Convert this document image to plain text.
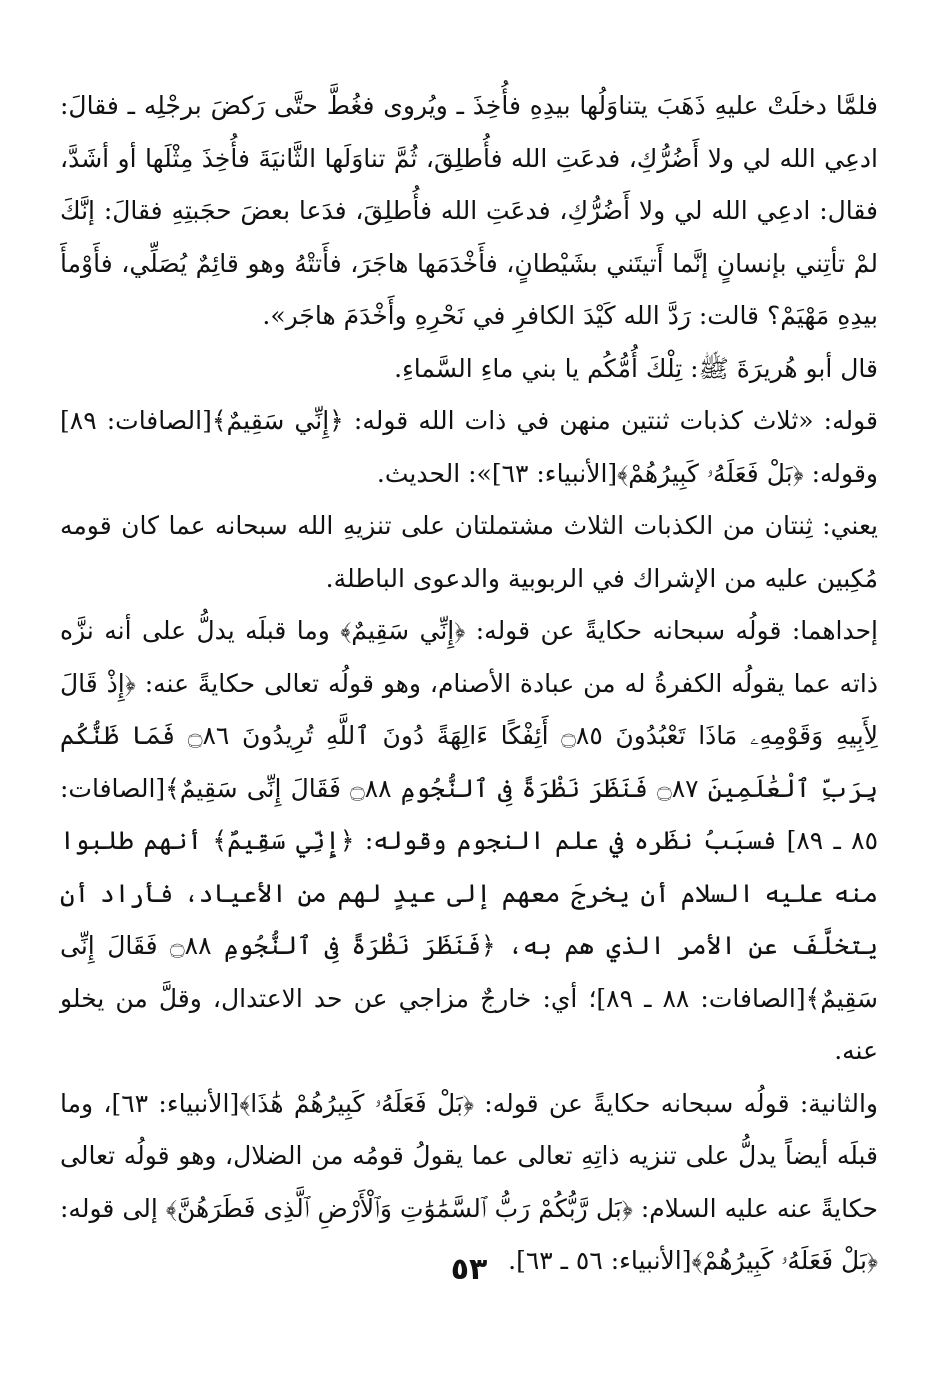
فلمَّا دخلَتْ عليهِ ذَهَبَ يتناوَلُها بيدِهِ فأُخِذَ ـ ويُروى فغُطَّ حتَّى رَكضَ برجْلِه ـ فقالَ: ادعِي الله لي ولا أَضُرُّكِ، فدعَتِ الله فأُطلِقَ، ثُمَّ تناوَلَها الثَّانيَةَ فأُخِذَ مِثْلَها أو أشَدَّ، فقال: ادعِي الله لي ولا أَضُرُّكِ، فدعَتِ الله فأُطلِقَ، فدَعا بعضَ حجَبتِهِ فقالَ: إنَّكَ لمْ تأتِني بإنسانٍ إنَّما أَتيتَني بشَيْطانٍ، فأَخْدَمَها هاجَرَ، فأَتتْهُ وهو قائِمٌ يُصَلِّي، فأَوْمأَ بيدِهِ مَهْيَمْ؟ قالت: رَدَّ الله كَيْدَ الكافرِ في نَحْرِهِ وأَخْدَمَ هاجَر».

قال أبو هُريرَةَ ﷺ: تِلْكَ أُمُّكُم يا بني ماءِ السَّماءِ.

قوله: «ثلاث كذبات ثنتين منهن في ذات الله قوله: ﴿إِنِّي سَقِيمٌ﴾[الصافات: ٨٩] وقوله: ﴿بَلْ فَعَلَهُۥ كَبِيرُهُمْ﴾[الأنبياء: ٦٣]»: الحديث.

يعني: ثِنتان من الكذبات الثلاث مشتملتان على تنزيهِ الله سبحانه عما كان قومه مُكِبين عليه من الإشراك في الربوبية والدعوى الباطلة.

إحداهما: قولُه سبحانه حكايةً عن قوله: ﴿إِنِّي سَقِيمٌ﴾ وما قبلَه يدلُّ على أنه نزَّه ذاته عما يقولُه الكفرةُ له من عبادة الأصنام، وهو قولُه تعالى حكايةً عنه: ﴿إِذْ قَالَ لِأَبِيهِ وَقَوْمِهِۦ مَاذَا تَعْبُدُونَ ۝٨٥ أَئِفْكًا ءَالِهَةً دُونَ ٱللَّهِ تُرِيدُونَ ۝٨٦ فَمَا ظَنُّكُم بِرَبِّ ٱلْعَٰلَمِينَ ۝٨٧ فَنَظَرَ نَظْرَةً فِى ٱلنُّجُومِ ۝٨٨ فَقَالَ إِنِّى سَقِيمٌ﴾[الصافات: ٨٥ ـ ٨٩] فسبَبُ نظَره في علم النجوم وقوله: ﴿إِنِّي سَقِيمٌ﴾ أنهم طلبوا منه عليه السلام أن يخرجَ معهم إلى عيدٍ لهم من الأعياد، فأراد أن يتخلَّفَ عن الأمر الذي هم به، ﴿فَنَظَرَ نَظْرَةً فِى ٱلنُّجُومِ ۝٨٨ فَقَالَ إِنِّى سَقِيمٌ﴾[الصافات: ٨٨ ـ ٨٩]؛ أي: خارجٌ مزاجي عن حد الاعتدال، وقلَّ من يخلو عنه.

والثانية: قولُه سبحانه حكايةً عن قوله: ﴿بَلْ فَعَلَهُۥ كَبِيرُهُمْ هَٰذَا﴾[الأنبياء: ٦٣]، وما قبلَه أيضاً يدلُّ على تنزيه ذاتِهِ تعالى عما يقولُ قومُه من الضلال، وهو قولُه تعالى حكايةً عنه عليه السلام: ﴿بَل رَّبُّكُمْ رَبُّ ٱلسَّمَٰوَٰتِ وَٱلْأَرْضِ ٱلَّذِى فَطَرَهُنَّ﴾ إلى قوله: ﴿بَلْ فَعَلَهُۥ كَبِيرُهُمْ﴾[الأنبياء: ٥٦ ـ ٦٣].

٥٣
